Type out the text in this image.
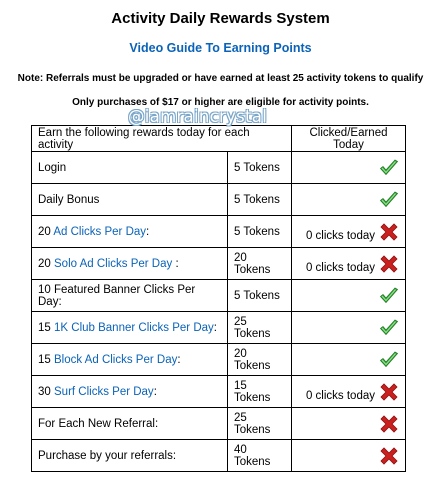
Activity Daily Rewards System
Video Guide To Earning Points
Note: Referrals must be upgraded or have earned at least 25 activity tokens to qualify
Only purchases of $17 or higher are eligible for activity points.
@iamraincrystal
Earn the following rewards today for each activity		Clicked/Earned Today
Login	5 Tokens	

Daily Bonus	5 Tokens	

20 Ad Clicks Per Day:	5 Tokens	0 clicks today

20 Solo Ad Clicks Per Day :	20 Tokens	0 clicks today

10 Featured Banner Clicks Per Day:	5 Tokens	

15 1K Club Banner Clicks Per Day:	25 Tokens	

15 Block Ad Clicks Per Day:	20 Tokens	

30 Surf Clicks Per Day:	15 Tokens	0 clicks today

For Each New Referral:	25 Tokens	

Purchase by your referrals:	40 Tokens	
